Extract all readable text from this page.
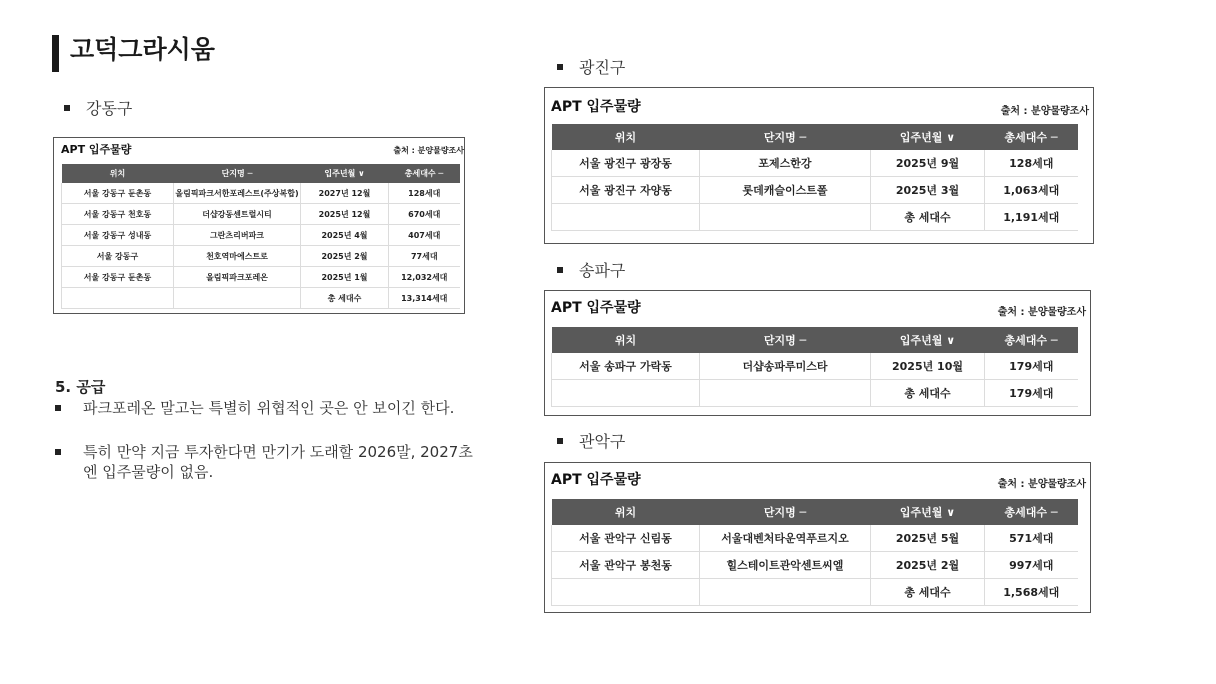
고덕그라시움
강동구
APT 입주물량	출처 : 분양물량조사
위치	단지명 ─	입주년월 ∨	총세대수 ─
서울 강동구 둔촌동	올림픽파크서한포레스트(주상복합)	2027년 12월	128세대
서울 강동구 천호동	더샵강동센트럴시티	2025년 12월	670세대
서울 강동구 성내동	그란츠리버파크	2025년 4월	407세대
서울 강동구	천호역마에스트로	2025년 2월	77세대
서울 강동구 둔촌동	올림픽파크포레온	2025년 1월	12,032세대
		총 세대수	13,314세대
5. 공급
파크포레온 말고는 특별히 위협적인 곳은 안 보이긴 한다.
특히 만약 지금 투자한다면 만기가 도래할 2026말, 2027초엔 입주물량이 없음.
광진구
APT 입주물량	출처 : 분양물량조사
위치	단지명 ─	입주년월 ∨	총세대수 ─
서울 광진구 광장동	포제스한강	2025년 9월	128세대
서울 광진구 자양동	롯데캐슬이스트폴	2025년 3월	1,063세대
		총 세대수	1,191세대
송파구
APT 입주물량	출처 : 분양물량조사
위치	단지명 ─	입주년월 ∨	총세대수 ─
서울 송파구 가락동	더샵송파루미스타	2025년 10월	179세대
		총 세대수	179세대
관악구
APT 입주물량	출처 : 분양물량조사
위치	단지명 ─	입주년월 ∨	총세대수 ─
서울 관악구 신림동	서울대벤처타운역푸르지오	2025년 5월	571세대
서울 관악구 봉천동	힐스테이트관악센트씨엘	2025년 2월	997세대
		총 세대수	1,568세대
